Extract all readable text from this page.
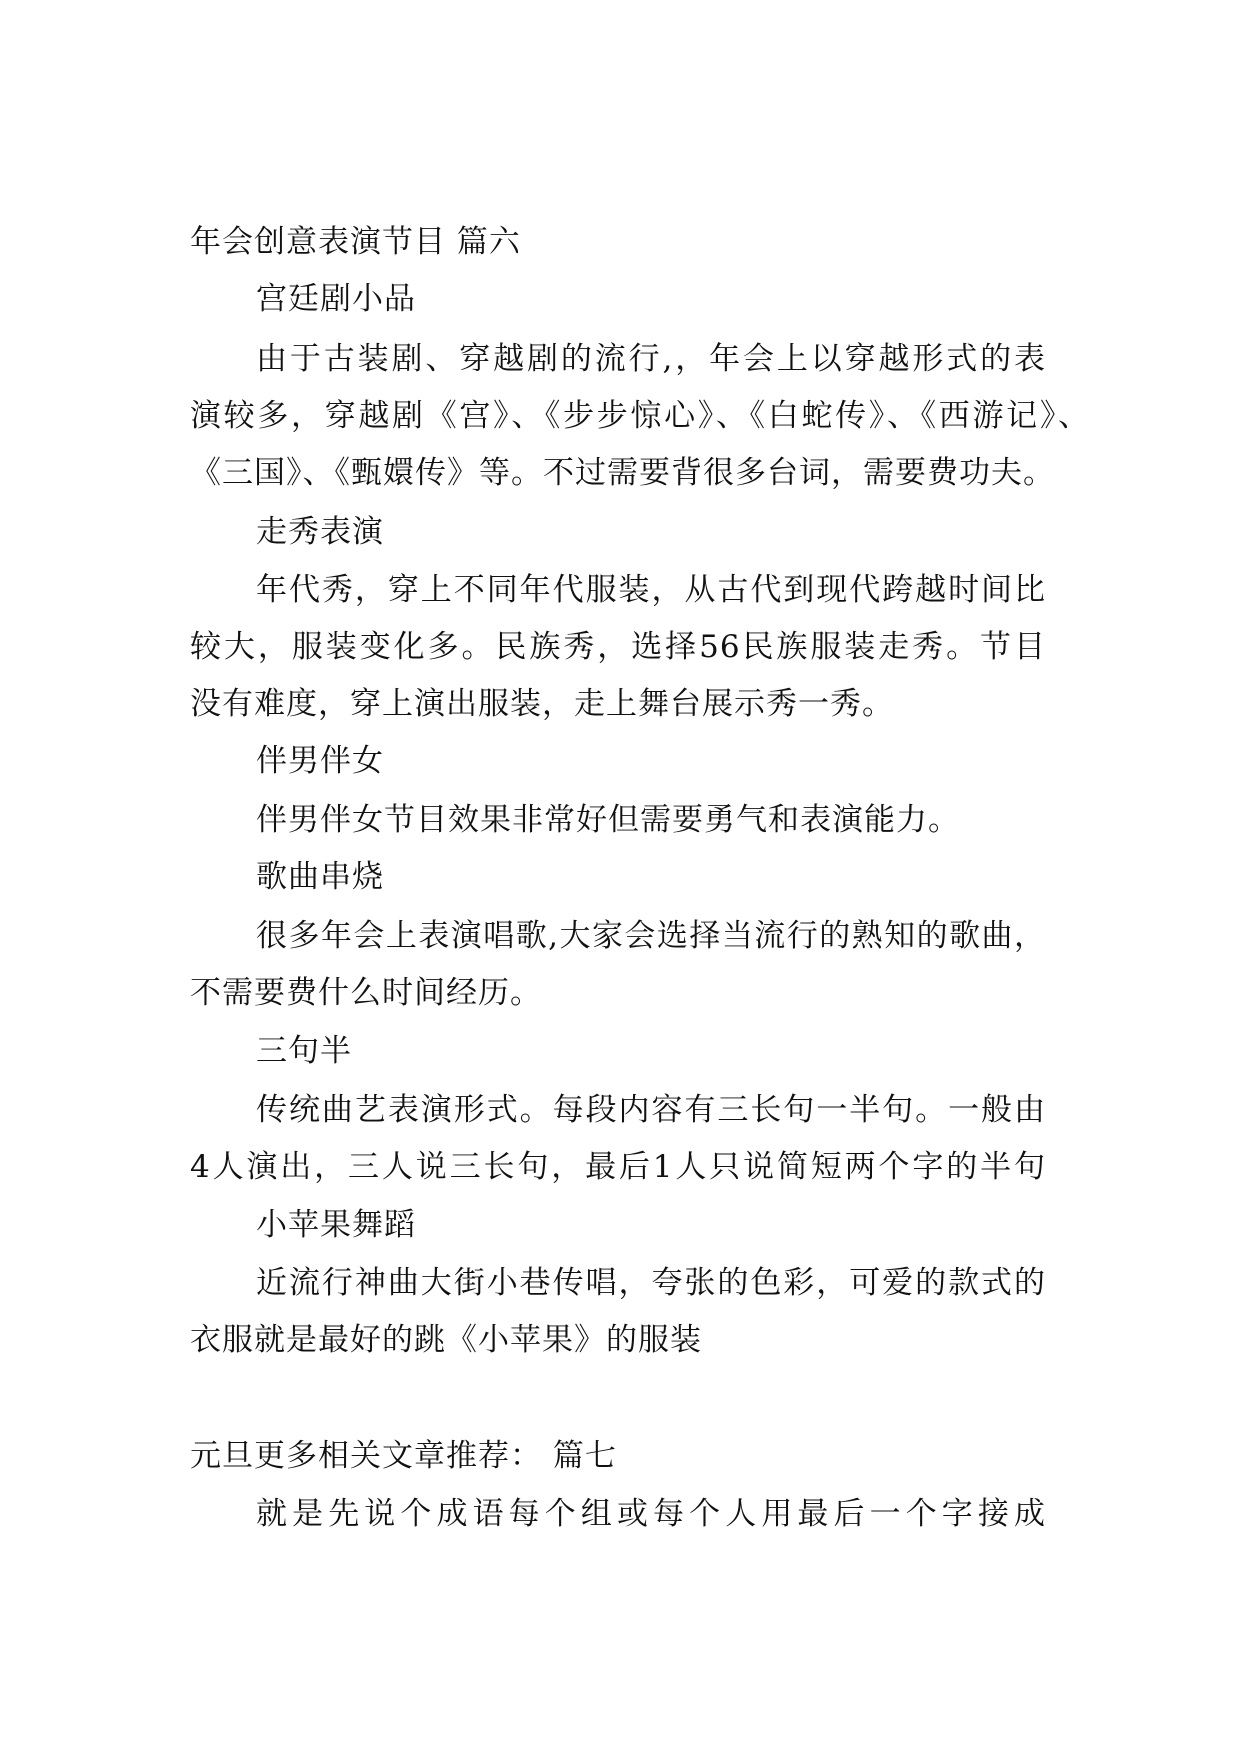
年会创意表演节目 篇六
宫廷剧小品
由于古装剧、穿越剧的流行,，年会上以穿越形式的表
演较多，穿越剧《宫》、《步步惊心》、《白蛇传》、《西游记》、
《三国》、《甄嬛传》等。不过需要背很多台词，需要费功夫。
走秀表演
年代秀，穿上不同年代服装，从古代到现代跨越时间比
较大，服装变化多。民族秀，选择56民族服装走秀。节目
没有难度，穿上演出服装，走上舞台展示秀一秀。
伴男伴女
伴男伴女节目效果非常好但需要勇气和表演能力。
歌曲串烧
很多年会上表演唱歌,大家会选择当流行的熟知的歌曲，
不需要费什么时间经历。
三句半
传统曲艺表演形式。每段内容有三长句一半句。一般由
4人演出，三人说三长句，最后1人只说简短两个字的半句
小苹果舞蹈
近流行神曲大街小巷传唱，夸张的色彩，可爱的款式的
衣服就是最好的跳《小苹果》的服装
元旦更多相关文章推荐： 篇七
就是先说个成语每个组或每个人用最后一个字接成
